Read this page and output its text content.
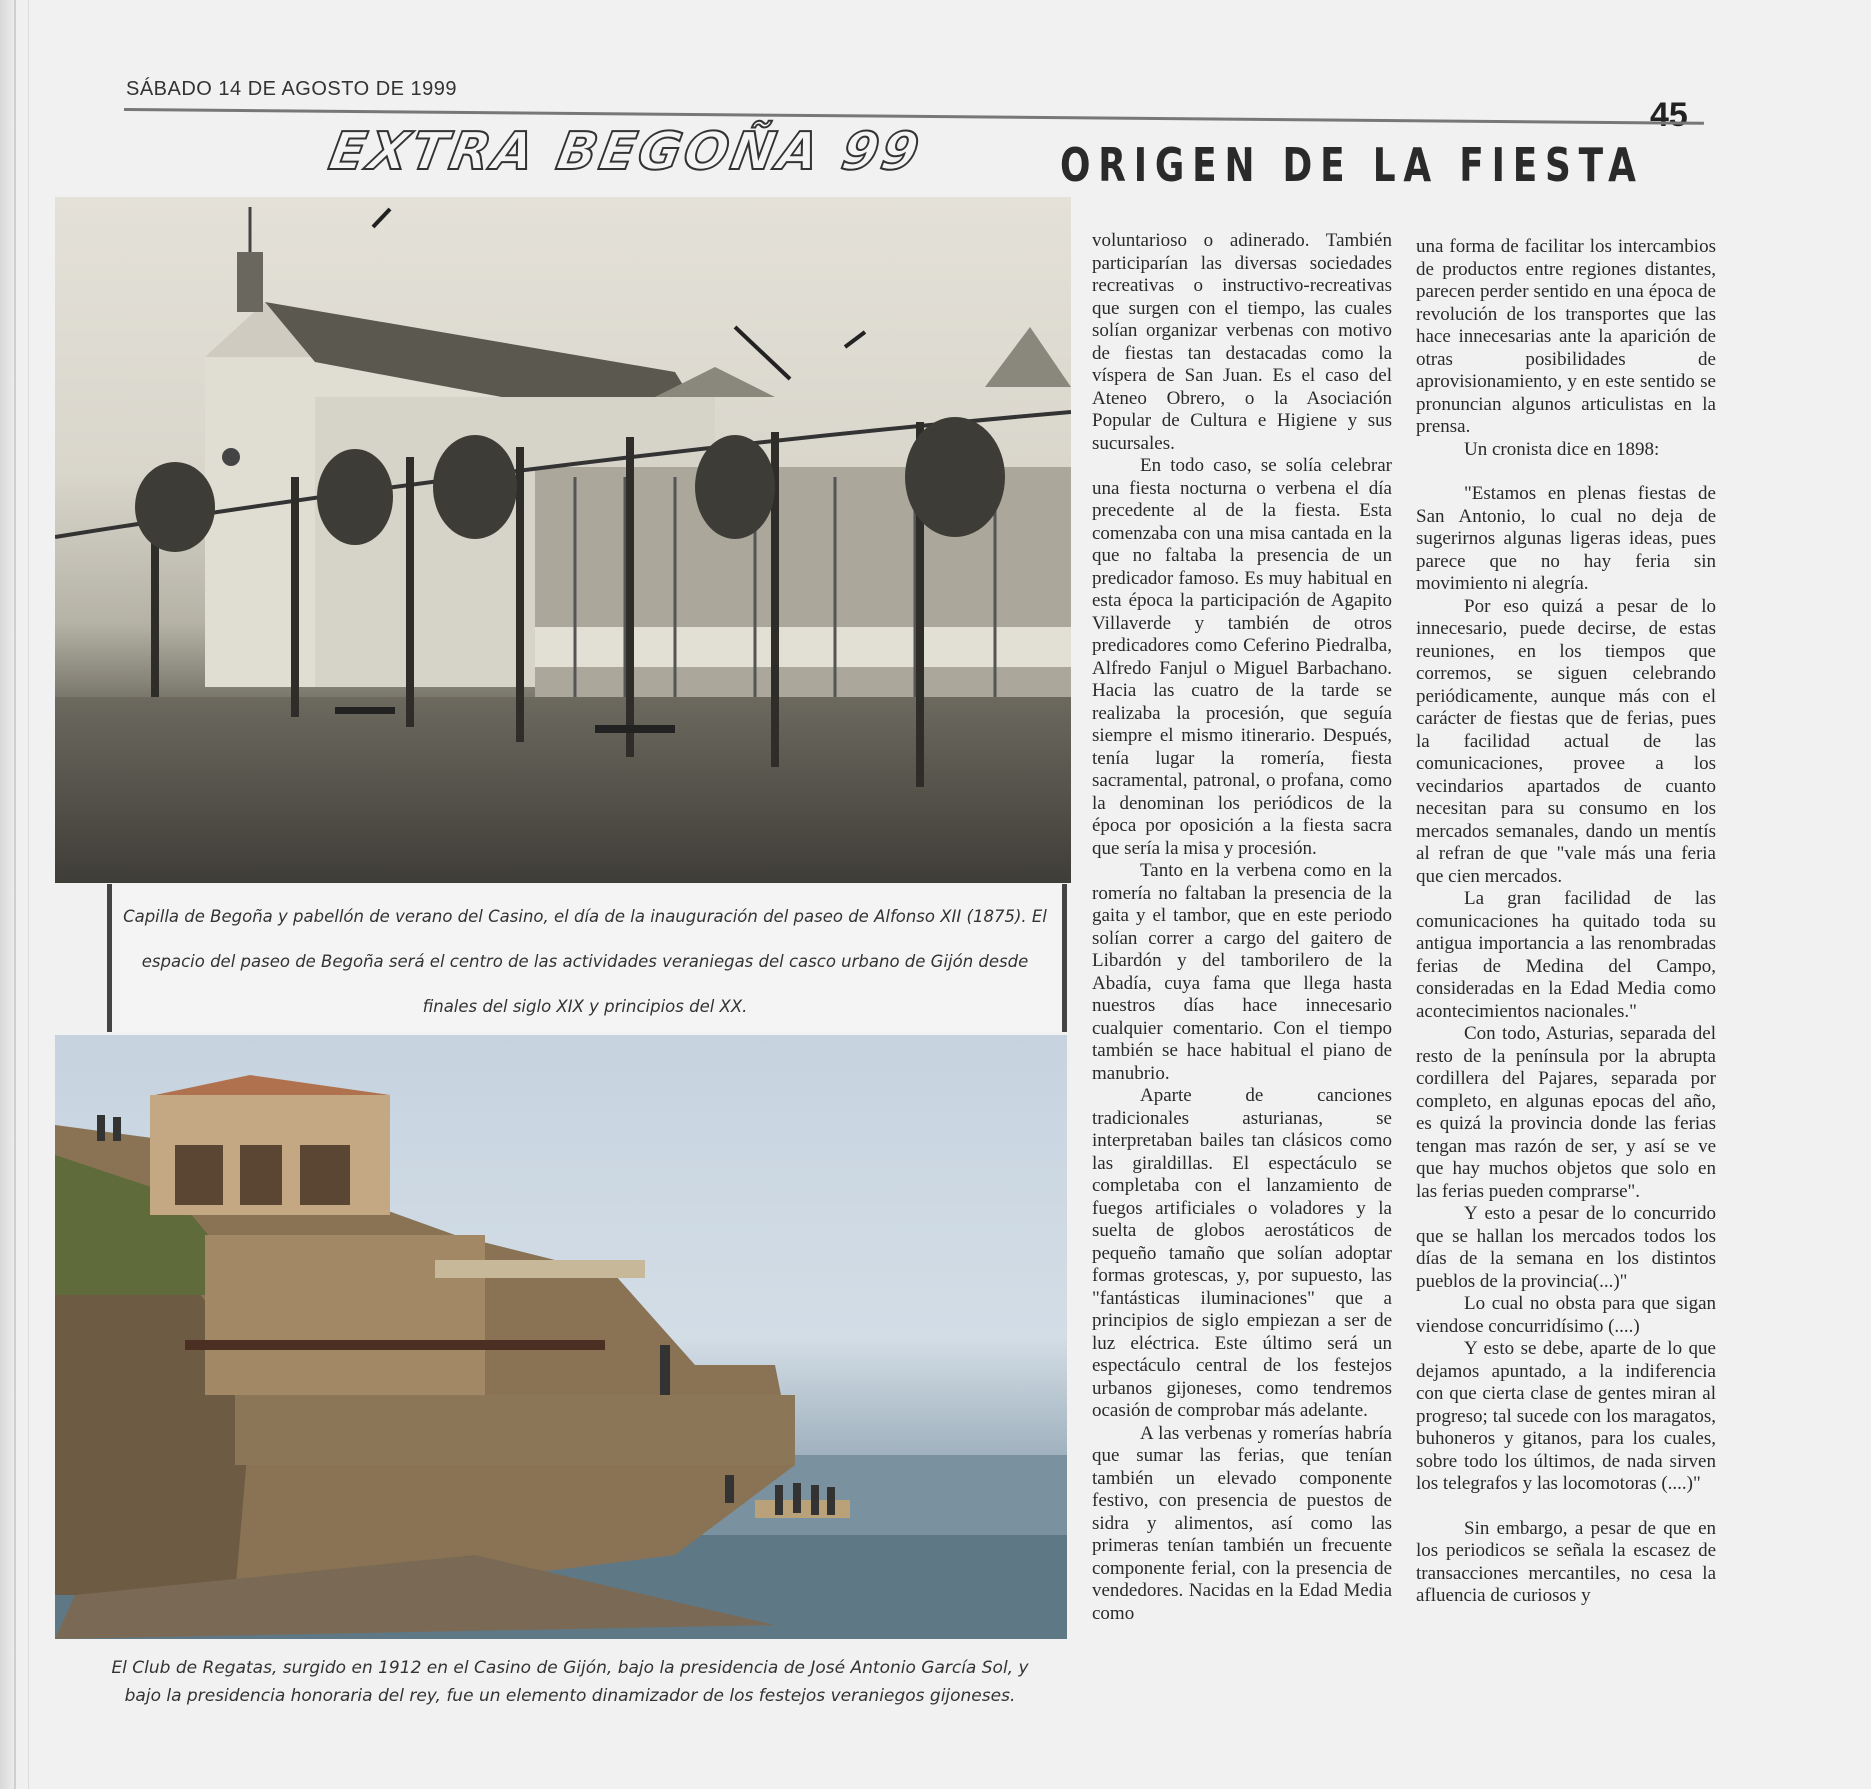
SÁBADO 14 DE AGOSTO DE 1999
45
EXTRA BEGOÑA 99	ORIGEN DE LA FIESTA
Capilla de Begoña y pabellón de verano del Casino, el día de la inauguración del paseo de Alfonso XII (1875). El espacio del paseo de Begoña será el centro de las actividades veraniegas del casco urbano de Gijón desde finales del siglo XIX y principios del XX.
El Club de Regatas, surgido en 1912 en el Casino de Gijón, bajo la presidencia de José Antonio García Sol, y bajo la presidencia honoraria del rey, fue un elemento dinamizador de los festejos veraniegos gijoneses.

voluntarioso o adinerado. También participarían las diversas sociedades recreativas o instructivo-recreativas que surgen con el tiempo, las cuales solían organizar verbenas con motivo de fiestas tan destacadas como la víspera de San Juan. Es el caso del Ateneo Obrero, o la Asociación Popular de Cultura e Higiene y sus sucursales.

En todo caso, se solía celebrar una fiesta nocturna o verbena el día precedente al de la fiesta. Esta comenzaba con una misa cantada en la que no faltaba la presencia de un predicador famoso. Es muy habitual en esta época la participación de Agapito Villaverde y también de otros predicadores como Ceferino Piedralba, Alfredo Fanjul o Miguel Barbachano. Hacia las cuatro de la tarde se realizaba la procesión, que seguía siempre el mismo itinerario. Después, tenía lugar la romería, fiesta sacramental, patronal, o profana, como la denominan los periódicos de la época por oposición a la fiesta sacra que sería la misa y procesión.

Tanto en la verbena como en la romería no faltaban la presencia de la gaita y el tambor, que en este periodo solían correr a cargo del gaitero de Libardón y del tamborilero de la Abadía, cuya fama que llega hasta nuestros días hace innecesario cualquier comentario. Con el tiempo también se hace habitual el piano de manubrio.

Aparte de canciones tradicionales asturianas, se interpretaban bailes tan clásicos como las giraldillas. El espectáculo se completaba con el lanzamiento de fuegos artificiales o voladores y la suelta de globos aerostáticos de pequeño tamaño que solían adoptar formas grotescas, y, por supuesto, las "fantásticas iluminaciones" que a principios de siglo empiezan a ser de luz eléctrica. Este último será un espectáculo central de los festejos urbanos gijoneses, como tendremos ocasión de comprobar más adelante.

A las verbenas y romerías habría que sumar las ferias, que tenían también un elevado componente festivo, con presencia de puestos de sidra y alimentos, así como las primeras tenían también un frecuente componente ferial, con la presencia de vendedores. Nacidas en la Edad Media como

una forma de facilitar los intercambios de productos entre regiones distantes, parecen perder sentido en una época de revolución de los transportes que las hace innecesarias ante la aparición de otras posibilidades de aprovisionamiento, y en este sentido se pronuncian algunos articulistas en la prensa.

Un cronista dice en 1898:

"Estamos en plenas fiestas de San Antonio, lo cual no deja de sugerirnos algunas ligeras ideas, pues parece que no hay feria sin movimiento ni alegría.

Por eso quizá a pesar de lo innecesario, puede decirse, de estas reuniones, en los tiempos que corremos, se siguen celebrando periódicamente, aunque más con el carácter de fiestas que de ferias, pues la facilidad actual de las comunicaciones, provee a los vecindarios apartados de cuanto necesitan para su consumo en los mercados semanales, dando un mentís al refran de que "vale más una feria que cien mercados.

La gran facilidad de las comunicaciones ha quitado toda su antigua importancia a las renombradas ferias de Medina del Campo, consideradas en la Edad Media como acontecimientos nacionales."

Con todo, Asturias, separada del resto de la península por la abrupta cordillera del Pajares, separada por completo, en algunas epocas del año, es quizá la provincia donde las ferias tengan mas razón de ser, y así se ve que hay muchos objetos que solo en las ferias pueden comprarse".

Y esto a pesar de lo concurrido que se hallan los mercados todos los días de la semana en los distintos pueblos de la provincia(...)"

Lo cual no obsta para que sigan viendose concurridísimo (....)

Y esto se debe, aparte de lo que dejamos apuntado, a la indiferencia con que cierta clase de gentes miran al progreso; tal sucede con los maragatos, buhoneros y gitanos, para los cuales, sobre todo los últimos, de nada sirven los telegrafos y las locomotoras (....)"

Sin embargo, a pesar de que en los periodicos se señala la escasez de transacciones mercantiles, no cesa la afluencia de curiosos y
